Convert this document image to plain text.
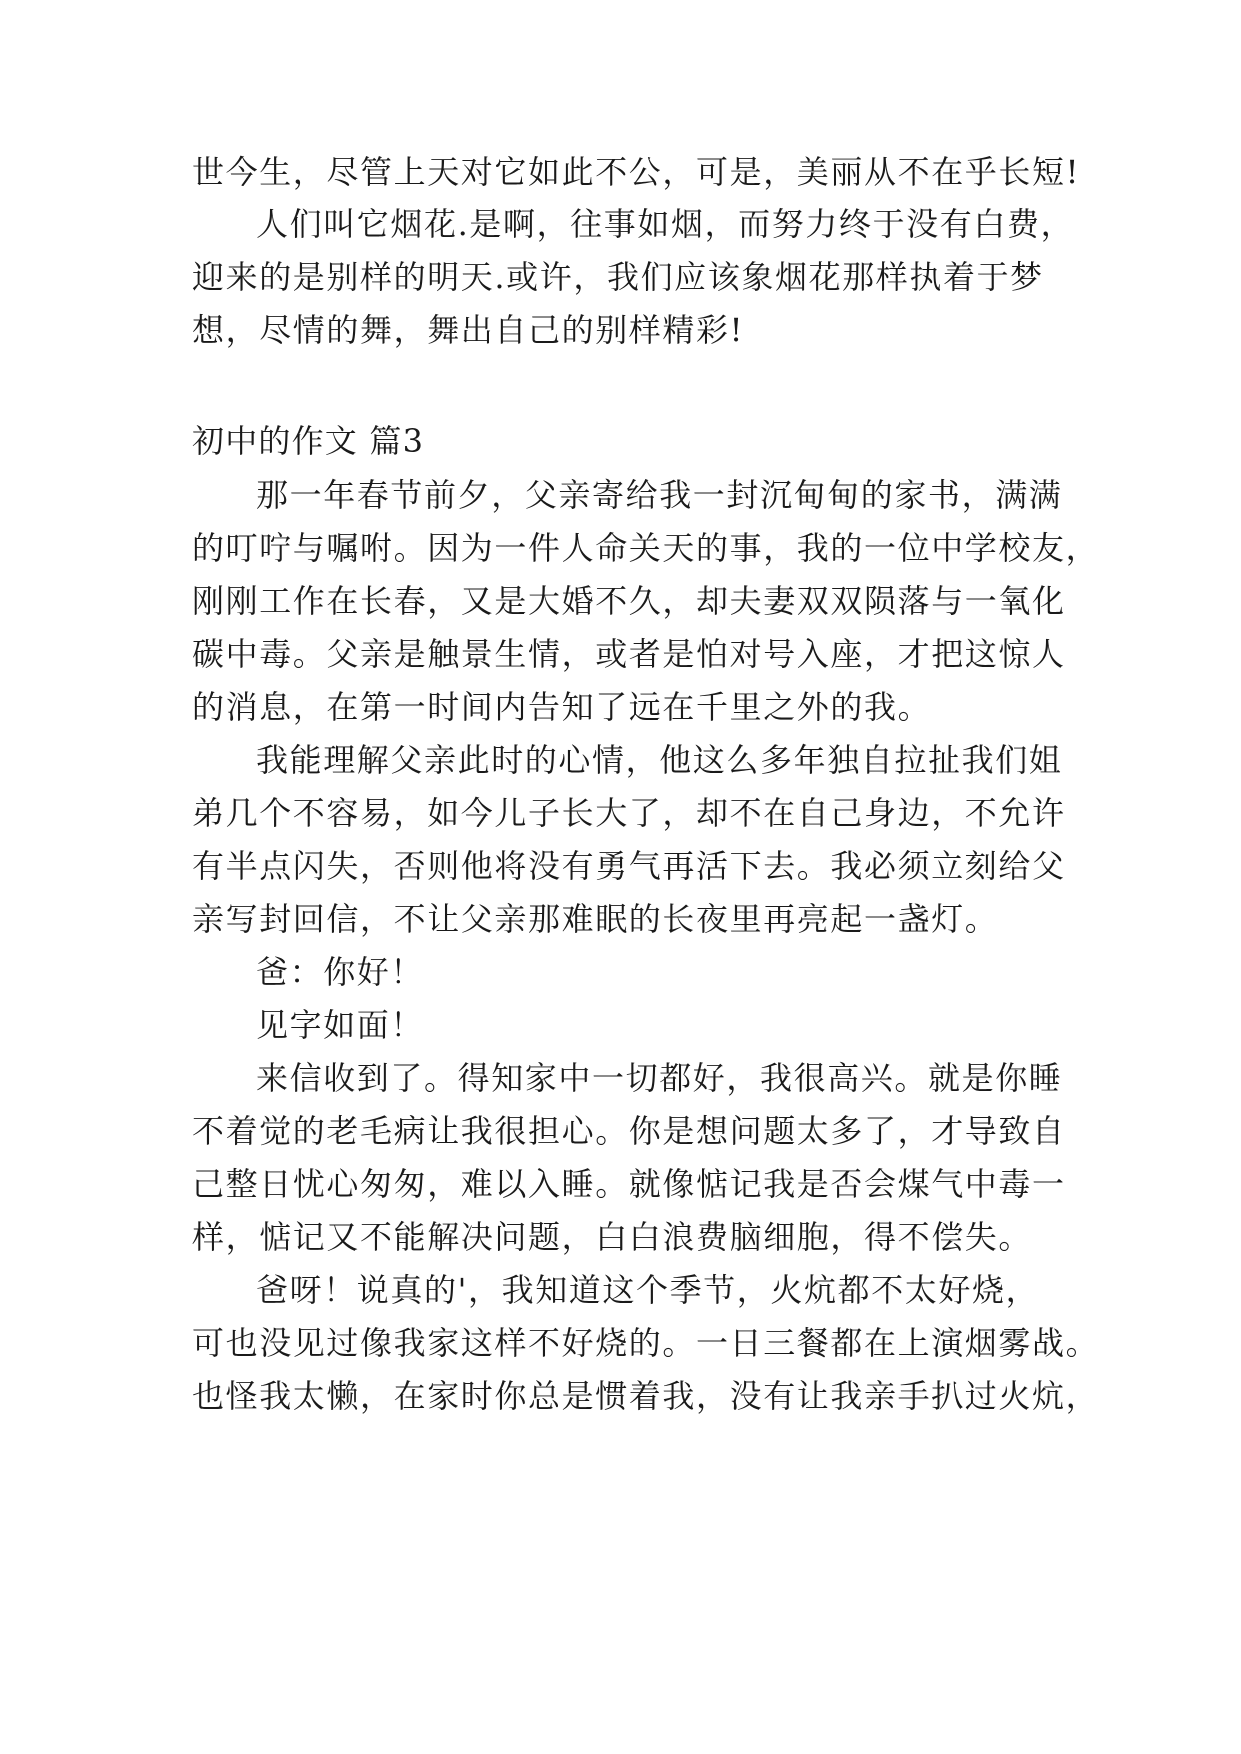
世今生，尽管上天对它如此不公，可是，美丽从不在乎长短!
人们叫它烟花.是啊，往事如烟，而努力终于没有白费，
迎来的是别样的明天.或许，我们应该象烟花那样执着于梦
想，尽情的舞，舞出自己的别样精彩!
初中的作文 篇3
那一年春节前夕，父亲寄给我一封沉甸甸的家书，满满
的叮咛与嘱咐。因为一件人命关天的事，我的一位中学校友，
刚刚工作在长春，又是大婚不久，却夫妻双双陨落与一氧化
碳中毒。父亲是触景生情，或者是怕对号入座，才把这惊人
的消息，在第一时间内告知了远在千里之外的我。
我能理解父亲此时的心情，他这么多年独自拉扯我们姐
弟几个不容易，如今儿子长大了，却不在自己身边，不允许
有半点闪失，否则他将没有勇气再活下去。我必须立刻给父
亲写封回信，不让父亲那难眠的长夜里再亮起一盏灯。
爸：你好！
见字如面！
来信收到了。得知家中一切都好，我很高兴。就是你睡
不着觉的老毛病让我很担心。你是想问题太多了，才导致自
己整日忧心匆匆，难以入睡。就像惦记我是否会煤气中毒一
样，惦记又不能解决问题，白白浪费脑细胞，得不偿失。
爸呀！说真的'，我知道这个季节，火炕都不太好烧，
可也没见过像我家这样不好烧的。一日三餐都在上演烟雾战。
也怪我太懒，在家时你总是惯着我，没有让我亲手扒过火炕，
